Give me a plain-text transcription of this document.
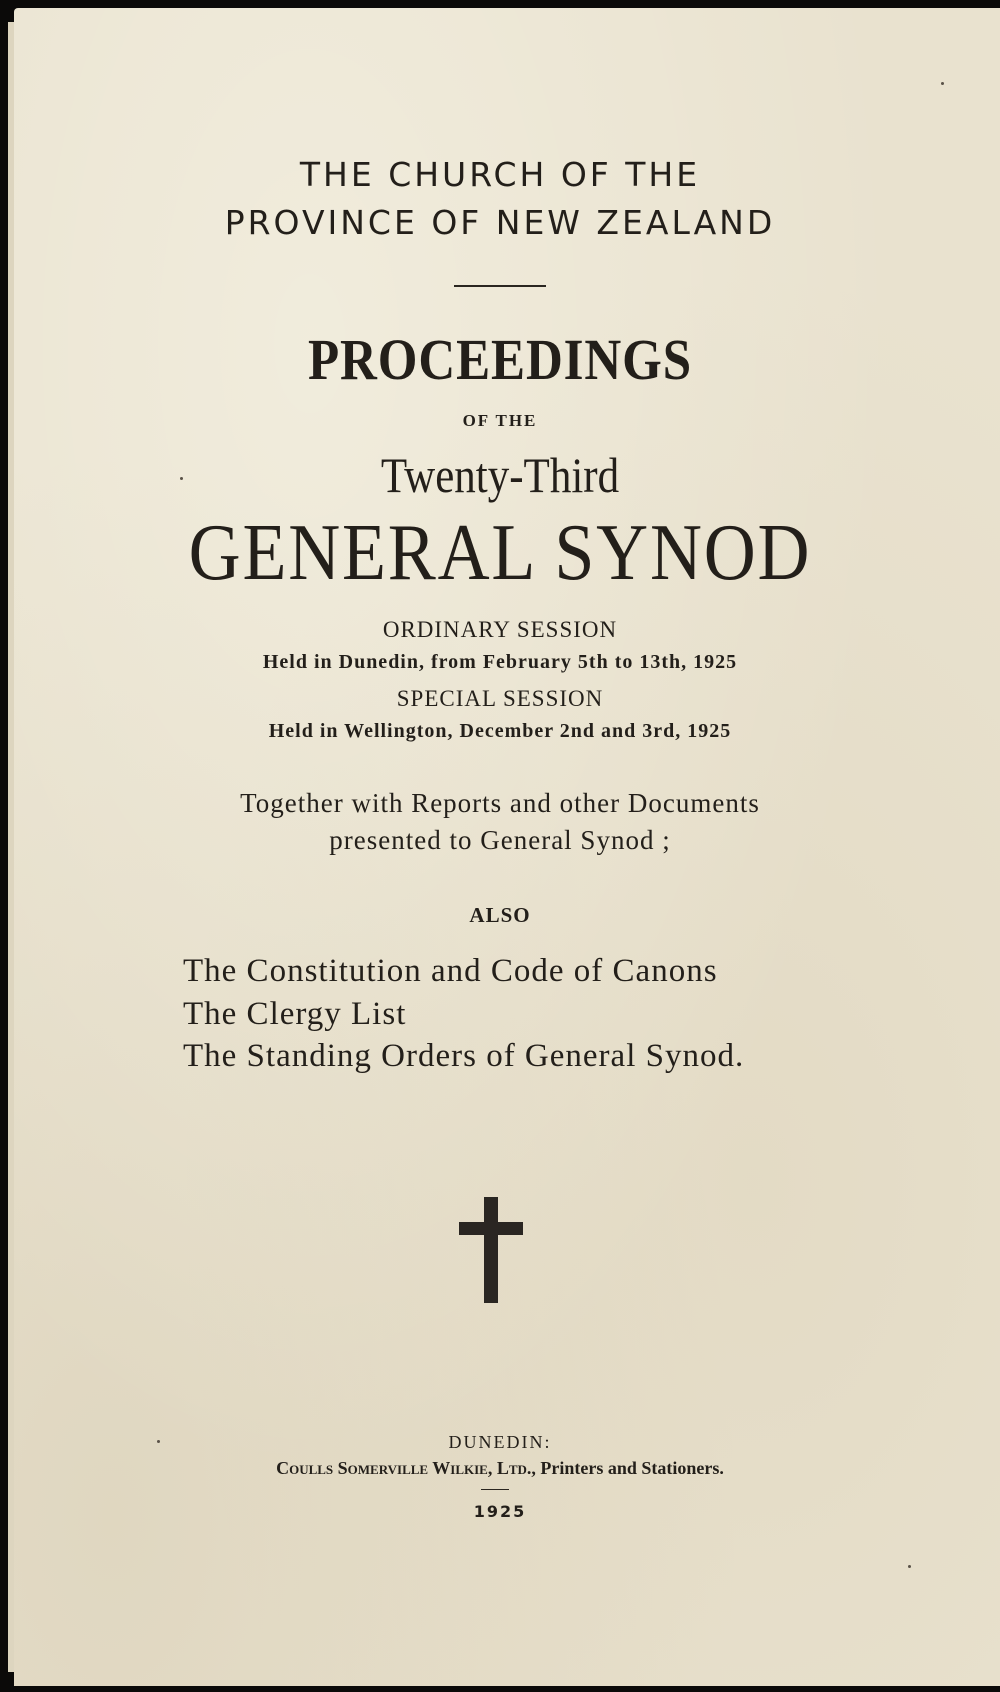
THE CHURCH OF THE
PROVINCE OF NEW ZEALAND
PROCEEDINGS
OF THE
Twenty-Third
GENERAL SYNOD
ORDINARY SESSION
Held in Dunedin, from February 5th to 13th, 1925
SPECIAL SESSION
Held in Wellington, December 2nd and 3rd, 1925
Together with Reports and other Documents
presented to General Synod ;
ALSO
The Constitution and Code of Canons
The Clergy List
The Standing Orders of General Synod.
DUNEDIN:
Coulls Somerville Wilkie, Ltd., Printers and Stationers.
1925
